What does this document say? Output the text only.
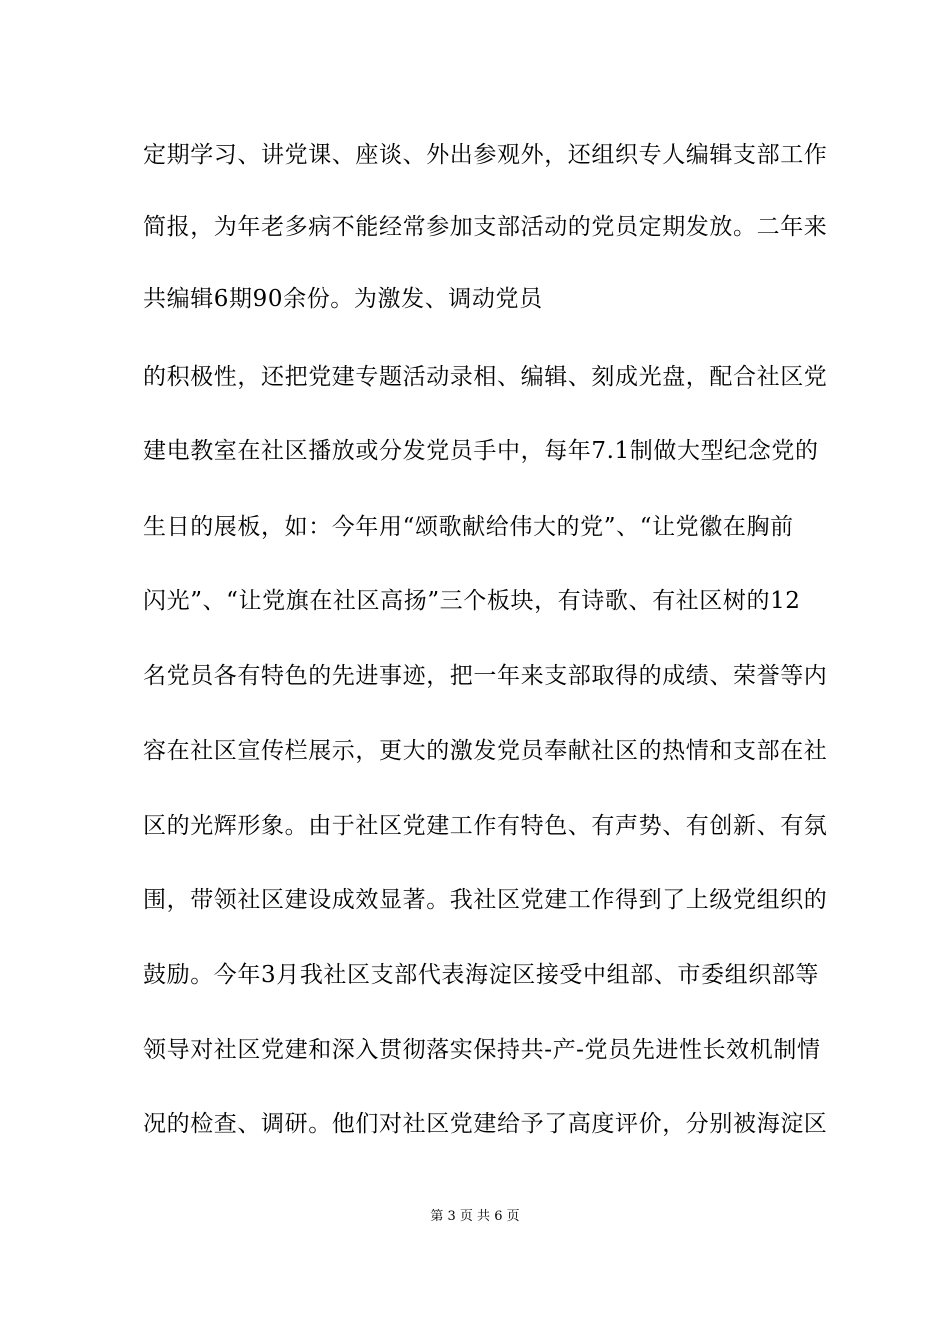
定期学习、讲党课、座谈、外出参观外，还组织专人编辑支部工作
简报，为年老多病不能经常参加支部活动的党员定期发放。二年来
共编辑6期90余份。为激发、调动党员
的积极性，还把党建专题活动录相、编辑、刻成光盘，配合社区党
建电教室在社区播放或分发党员手中，每年7.1制做大型纪念党的
生日的展板，如：今年用“颂歌献给伟大的党”、“让党徽在胸前
闪光”、“让党旗在社区高扬”三个板块，有诗歌、有社区树的12
名党员各有特色的先进事迹，把一年来支部取得的成绩、荣誉等内
容在社区宣传栏展示，更大的激发党员奉献社区的热情和支部在社
区的光辉形象。由于社区党建工作有特色、有声势、有创新、有氛
围，带领社区建设成效显著。我社区党建工作得到了上级党组织的
鼓励。今年3月我社区支部代表海淀区接受中组部、市委组织部等
领导对社区党建和深入贯彻落实保持共-产-党员先进性长效机制情
况的检查、调研。他们对社区党建给予了高度评价，分别被海淀区
第 3 页 共 6 页
